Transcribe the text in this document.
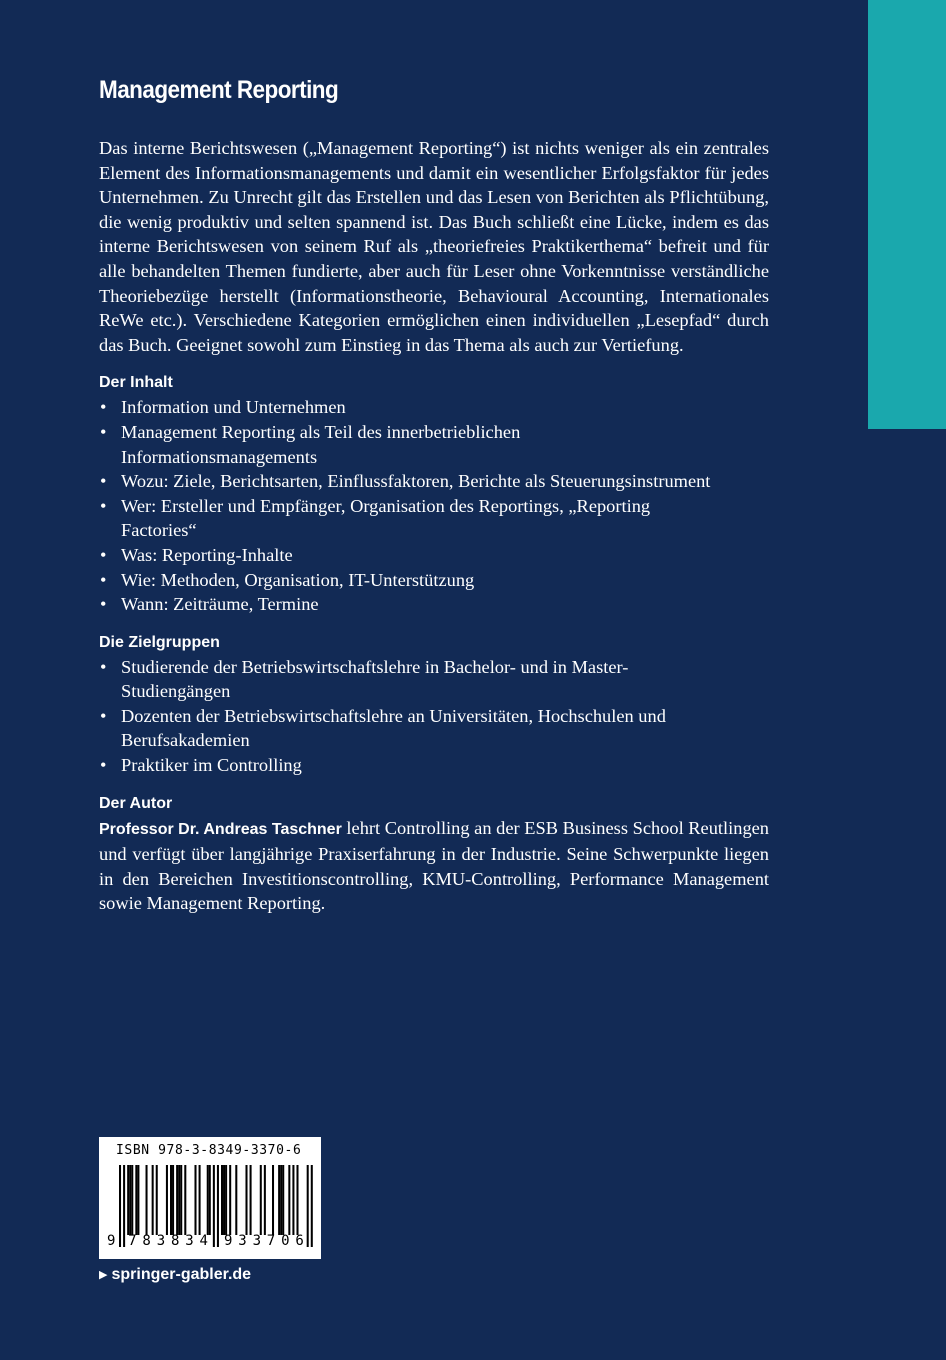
Management Reporting

Das interne Berichtswesen („Management Reporting“) ist nichts weniger als ein zentrales Element des Informationsmanagements und damit ein wesentlicher Erfolgsfaktor für jedes Unternehmen. Zu Unrecht gilt das Erstellen und das Lesen von Berichten als Pflichtübung, die wenig produktiv und selten spannend ist. Das Buch schließt eine Lücke, indem es das interne Berichtswesen von seinem Ruf als „theoriefreies Praktikerthema“ befreit und für alle behandelten Themen fundierte, aber auch für Leser ohne Vorkenntnisse verständliche Theoriebezüge herstellt (Informationstheorie, Behavioural Accounting, Internationales ReWe etc.). Verschiedene Kategorien ermöglichen einen individuellen „Lesepfad“ durch das Buch. Geeignet sowohl zum Einstieg in das Thema als auch zur Vertiefung.

Der Inhalt
• Information und Unternehmen
• Management Reporting als Teil des innerbetrieblichen Informationsmanagements
• Wozu: Ziele, Berichtsarten, Einflussfaktoren, Berichte als Steuerungsinstrument
• Wer: Ersteller und Empfänger, Organisation des Reportings, „Reporting Factories“
• Was: Reporting-Inhalte
• Wie: Methoden, Organisation, IT-Unterstützung
• Wann: Zeiträume, Termine
Die Zielgruppen
• Studierende der Betriebswirtschaftslehre in Bachelor- und in Master-Studiengängen
• Dozenten der Betriebswirtschaftslehre an Universitäten, Hochschulen und Berufsakademien
• Praktiker im Controlling
Der Autor

Professor Dr. Andreas Taschner lehrt Controlling an der ESB Business School Reutlingen und verfügt über langjährige Praxiserfahrung in der Industrie. Seine Schwerpunkte liegen in den Bereichen Investitionscontrolling, KMU-Controlling, Performance Management sowie Management Reporting.

ISBN 978-3-8349-3370-6
9 7 8 3 8 3 4 9 3 3 7 0 6
▶ springer-gabler.de
